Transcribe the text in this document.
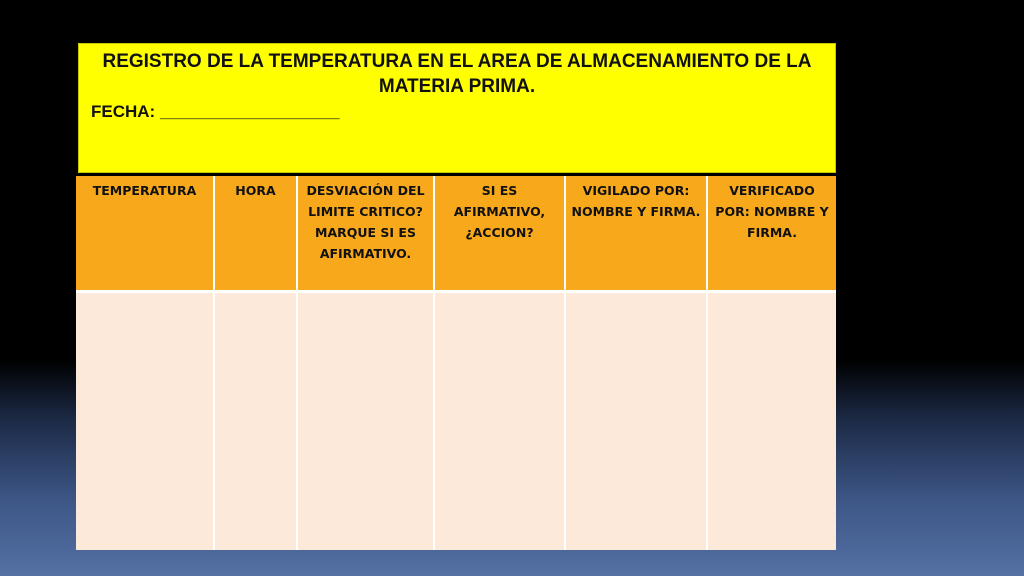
REGISTRO DE LA TEMPERATURA EN EL AREA DE ALMACENAMIENTO DE LA MATERIA PRIMA.
FECHA: ___________________
TEMPERATURA	HORA	DESVIACIÓN DEL LIMITE CRITICO? MARQUE SI ES AFIRMATIVO.	SI ES AFIRMATIVO, ¿ACCION?	VIGILADO POR: NOMBRE Y FIRMA.	VERIFICADO POR: NOMBRE Y FIRMA.
